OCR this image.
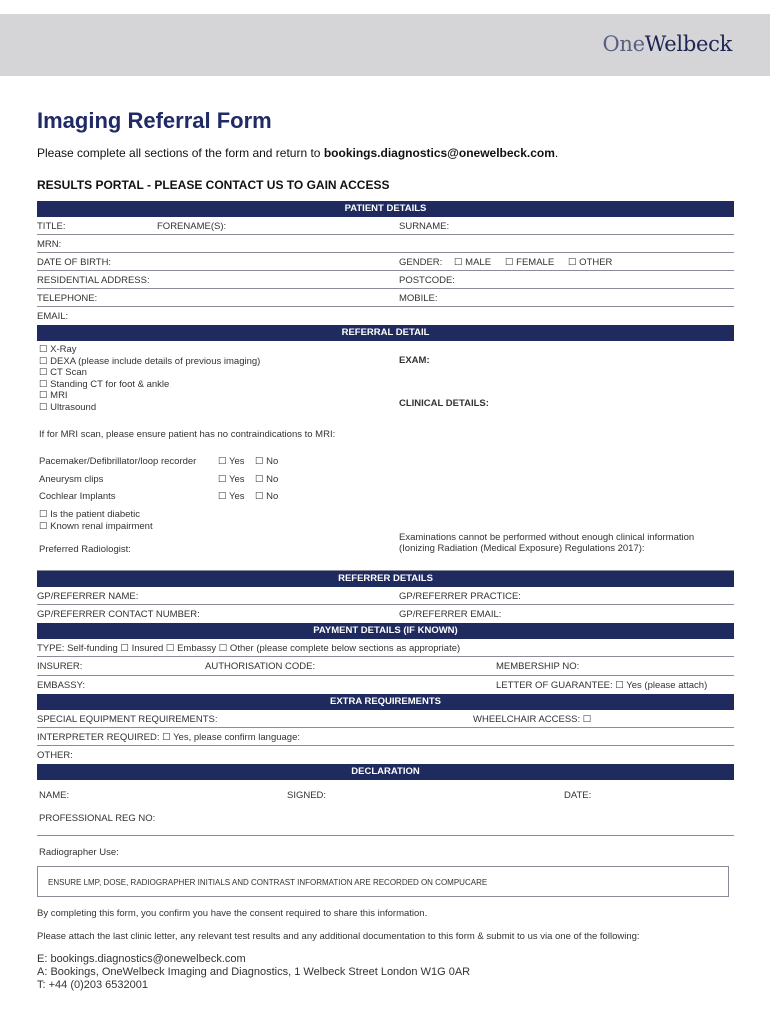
OneWelbeck
Imaging Referral Form
Please complete all sections of the form and return to bookings.diagnostics@onewelbeck.com.
RESULTS PORTAL - PLEASE CONTACT US TO GAIN ACCESS
PATIENT DETAILS
TITLE:	FORENAME(S):	SURNAME:
MRN:
DATE OF BIRTH:	GENDER: ☐ MALE ☐ FEMALE ☐ OTHER
RESIDENTIAL ADDRESS:	POSTCODE:
TELEPHONE:	MOBILE:
EMAIL:
REFERRAL DETAIL
☐ X-Ray
☐ DEXA (please include details of previous imaging)
☐ CT Scan
☐ Standing CT for foot & ankle
☐ MRI
☐ Ultrasound
EXAM:
CLINICAL DETAILS:
If for MRI scan, please ensure patient has no contraindications to MRI:
Pacemaker/Defibrillator/loop recorder ☐ Yes ☐ No
Aneurysm clips	☐ Yes ☐ No
Cochlear Implants	☐ Yes ☐ No
☐ Is the patient diabetic
☐ Known renal impairment
Preferred Radiologist:
Examinations cannot be performed without enough clinical information
(Ionizing Radiation (Medical Exposure) Regulations 2017):
REFERRER DETAILS
GP/REFERRER NAME:	GP/REFERRER PRACTICE:
GP/REFERRER CONTACT NUMBER:	GP/REFERRER EMAIL:
PAYMENT DETAILS (IF KNOWN)
TYPE: Self-funding ☐ Insured ☐ Embassy ☐ Other (please complete below sections as appropriate)
INSURER:	AUTHORISATION CODE:	MEMBERSHIP NO:
EMBASSY:	LETTER OF GUARANTEE: ☐ Yes (please attach)
EXTRA REQUIREMENTS
SPECIAL EQUIPMENT REQUIREMENTS:	WHEELCHAIR ACCESS: ☐
INTERPRETER REQUIRED: ☐ Yes, please confirm language:
OTHER:
DECLARATION
NAME:	SIGNED:	DATE:
PROFESSIONAL REG NO:
Radiographer Use:
ENSURE LMP, DOSE, RADIOGRAPHER INITIALS AND CONTRAST INFORMATION ARE RECORDED ON COMPUCARE
By completing this form, you confirm you have the consent required to share this information.
Please attach the last clinic letter, any relevant test results and any additional documentation to this form & submit to us via one of the following:
E: bookings.diagnostics@onewelbeck.com
A: Bookings, OneWelbeck Imaging and Diagnostics, 1 Welbeck Street London W1G 0AR
T: +44 (0)203 6532001
